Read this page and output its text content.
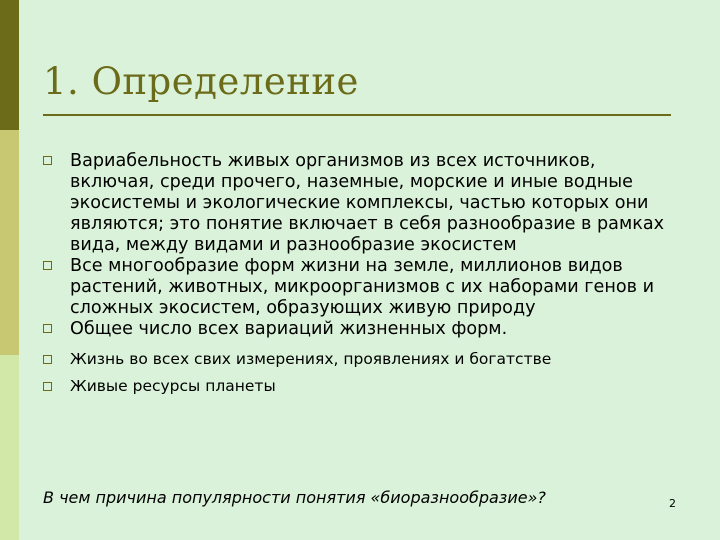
1. Определение
Вариабельность живых организмов из всех источников, включая, среди прочего, наземные, морские и иные водные экосистемы и экологические комплексы, частью которых они являются; это понятие включает в себя разнообразие в рамках вида, между видами и разнообразие экосистем
Все многообразие форм жизни на земле, миллионов видов растений, животных, микроорганизмов с их наборами генов и сложных экосистем, образующих живую природу
Общее число всех вариаций жизненных форм.
Жизнь во всех свих измерениях, проявлениях и богатстве
Живые ресурсы планеты
В чем причина популярности понятия «биоразнообразие»?	2
